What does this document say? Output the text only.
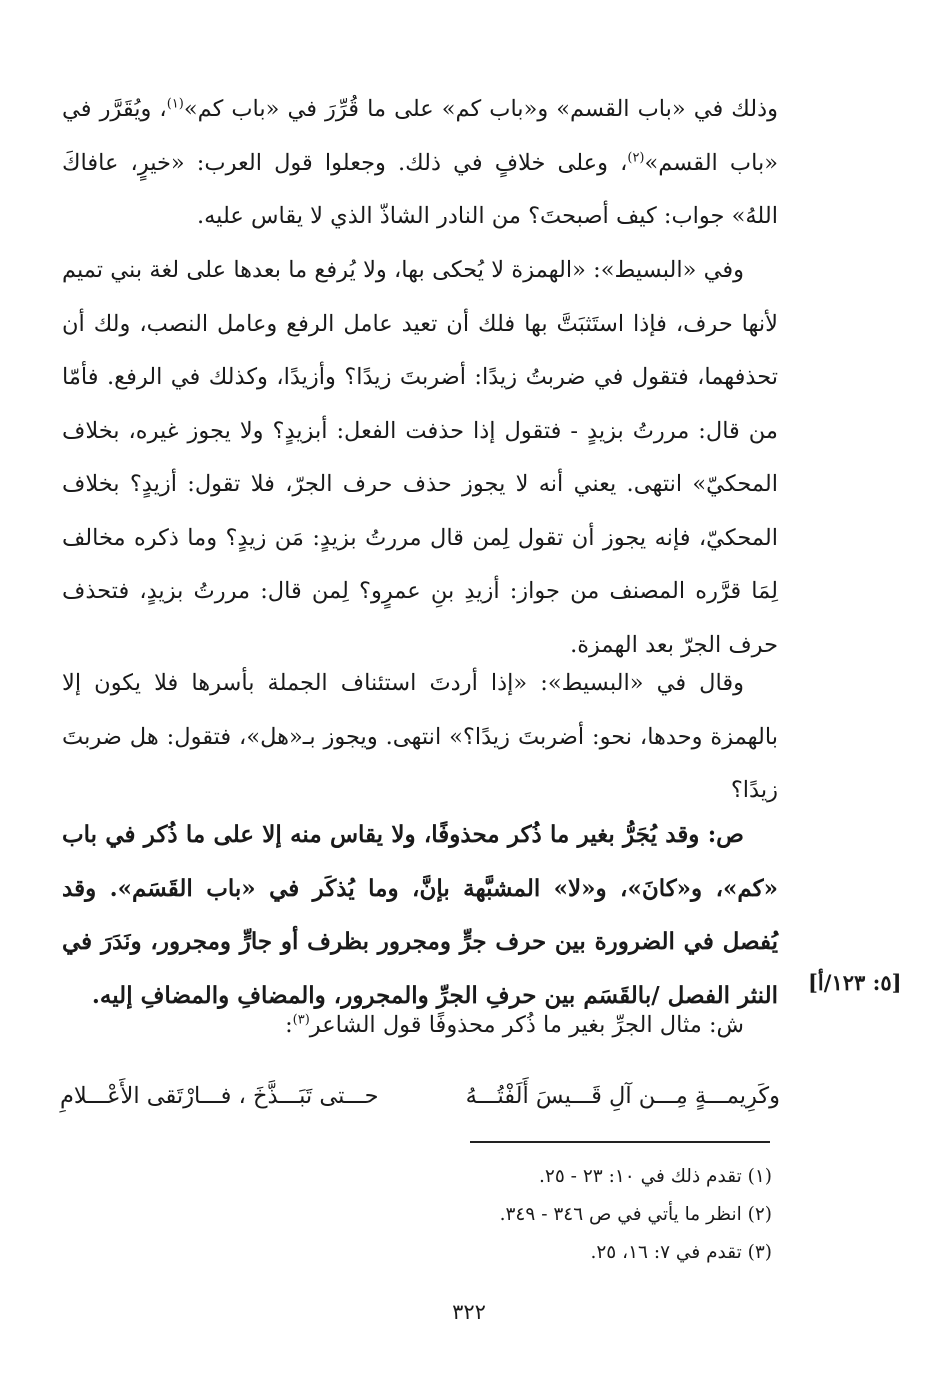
وذلك في «باب القسم» و«باب كم» على ما قُرِّرَ في «باب كم»$^{(١)}$، ويُقَرَّر في «باب القسم»$^{(٢)}$، وعلى خلافٍ في ذلك. وجعلوا قول العرب: «خيرٍ، عافاكَ اللهُ» جواب: كيف أصبحتَ؟ من النادر الشاذّ الذي لا يقاس عليه.

وفي «البسيط»: «الهمزة لا يُحكى بها، ولا يُرفع ما بعدها على لغة بني تميم لأنها حرف، فإذا استَثبَتَّ بها فلك أن تعيد عامل الرفع وعامل النصب، ولك أن تحذفهما، فتقول في ضربتُ زيدًا: أضربتَ زيدًا؟ وأزيدًا، وكذلك في الرفع. فأمّا من قال: مررتُ بزيدٍ - فتقول إذا حذفت الفعل: أبزيدٍ؟ ولا يجوز غيره، بخلاف المحكيّ» انتهى. يعني أنه لا يجوز حذف حرف الجرّ، فلا تقول: أزيدٍ؟ بخلاف المحكيّ، فإنه يجوز أن تقول لِمن قال مررتُ بزيدٍ: مَن زيدٍ؟ وما ذكره مخالف لِمَا قرَّره المصنف من جواز: أزيدِ بنِ عمرٍو؟ لِمن قال: مررتُ بزيدٍ، فتحذف حرف الجرّ بعد الهمزة.

وقال في «البسيط»: «إذا أردتَ استئناف الجملة بأسرها فلا يكون إلا بالهمزة وحدها، نحو: أضربتَ زيدًا؟» انتهى. ويجوز بـ«هل»، فتقول: هل ضربتَ زيدًا؟

ص: وقد يُجَرُّ بغير ما ذُكر محذوفًا، ولا يقاس منه إلا على ما ذُكر في باب «كم»، و«كانَ»، و«لا» المشبَّهة بإنَّ، وما يُذكَر في «باب القَسَم». وقد يُفصل في الضرورة بين حرف جرٍّ ومجرور بظرف أو جارٍّ ومجرور، ونَدَرَ في النثر الفصل /بالقَسَم بين حرفِ الجرِّ والمجرور، والمضافِ والمضافِ إليه. [٥: ١٢٣/أ]

ش: مثال الجرِّ بغير ما ذُكر محذوفًا قول الشاعر$^{(٣)}$:

وكَرِيمـــةٍ مِـــن آلِ قَـــيسَ أَلَفْتُـــهُ
حـــتى تَبَـــذَّخَ ، فـــارْتَقى الأَعْـــلامِ

(١) تقدم ذلك في ١٠: ٢٣ - ٢٥.

(٢) انظر ما يأتي في ص ٣٤٦ - ٣٤٩.

(٣) تقدم في ٧: ١٦، ٢٥.

٣٢٢
